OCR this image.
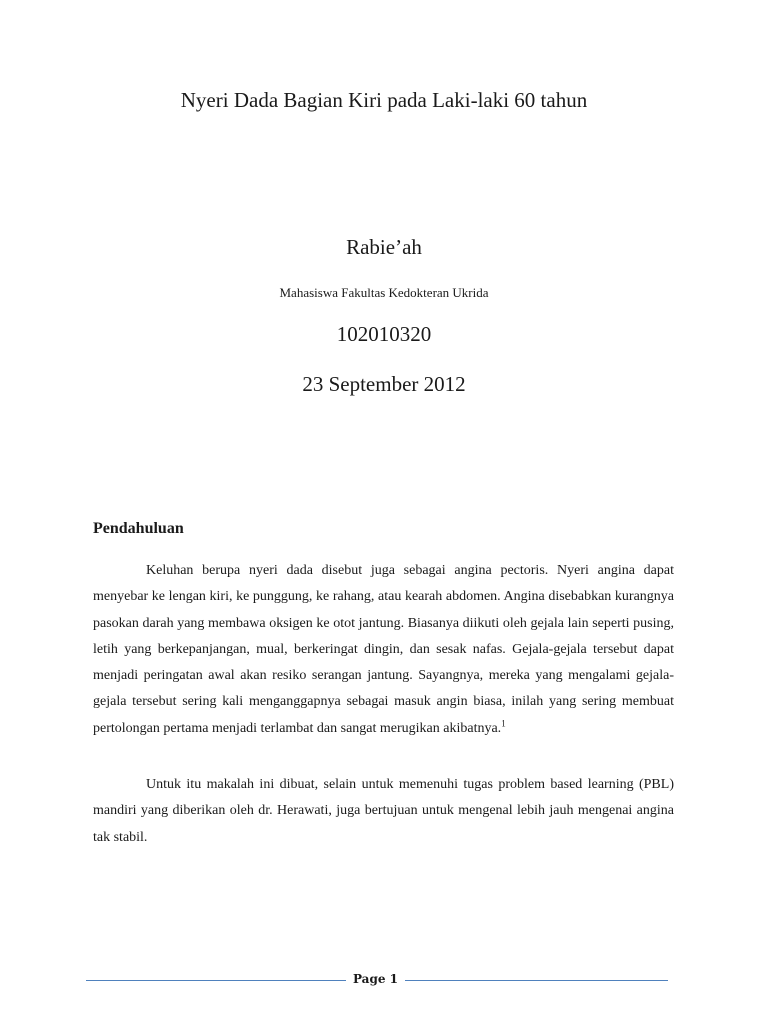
Nyeri Dada Bagian Kiri pada Laki-laki 60 tahun
Rabie’ah
Mahasiswa Fakultas Kedokteran Ukrida
102010320
23 September 2012
Pendahuluan

Keluhan berupa nyeri dada disebut juga sebagai angina pectoris. Nyeri angina dapat menyebar ke lengan kiri, ke punggung, ke rahang, atau kearah abdomen. Angina disebabkan kurangnya pasokan darah yang membawa oksigen ke otot jantung. Biasanya diikuti oleh gejala lain seperti pusing, letih yang berkepanjangan, mual, berkeringat dingin, dan sesak nafas. Gejala-gejala tersebut dapat menjadi peringatan awal akan resiko serangan jantung. Sayangnya, mereka yang mengalami gejala-gejala tersebut sering kali menganggapnya sebagai masuk angin biasa, inilah yang sering membuat pertolongan pertama menjadi terlambat dan sangat merugikan akibatnya.$^1$

Untuk itu makalah ini dibuat, selain untuk memenuhi tugas problem based learning (PBL) mandiri yang diberikan oleh dr. Herawati, juga bertujuan untuk mengenal lebih jauh mengenai angina tak stabil.

Page 1
